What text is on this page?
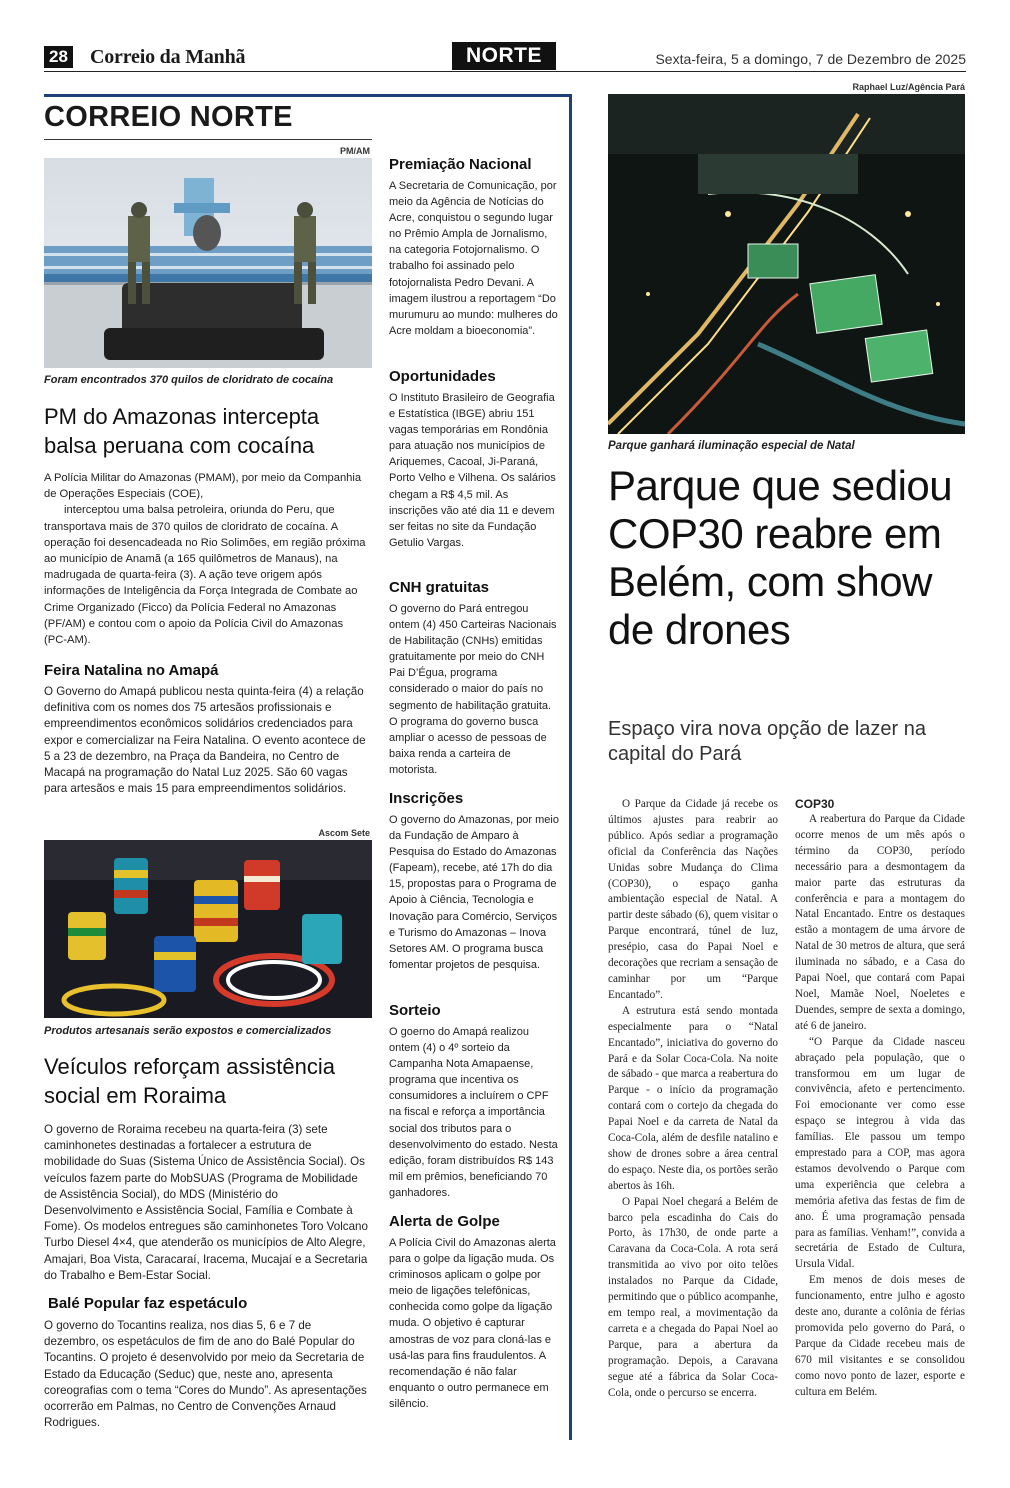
28 Correio da Manhã	NORTE	Sexta-feira, 5 a domingo, 7 de Dezembro de 2025
CORREIO NORTE
PM/AM
Foram encontrados 370 quilos de cloridrato de cocaína
PM do Amazonas intercepta
balsa peruana com cocaína

A Polícia Militar do Amazonas (PMAM), por meio da Companhia de Operações Especiais (COE),

interceptou uma balsa petroleira, oriunda do Peru, que transportava mais de 370 quilos de cloridrato de cocaína. A operação foi desencadeada no Rio Solimões, em região próxima ao município de Anamã (a 165 quilômetros de Manaus), na madrugada de quarta-feira (3). A ação teve origem após informações de Inteligência da Força Integrada de Combate ao Crime Organizado (Ficco) da Polícia Federal no Amazonas (PF/AM) e contou com o apoio da Polícia Civil do Amazonas (PC-AM).

Feira Natalina no Amapá
O Governo do Amapá publicou nesta quinta-feira (4) a relação definitiva com os nomes dos 75 artesãos profissionais e empreendimentos econômicos solidários credenciados para expor e comercializar na Feira Natalina. O evento acontece de 5 a 23 de dezembro, na Praça da Bandeira, no Centro de Macapá na programação do Natal Luz 2025. São 60 vagas para artesãos e mais 15 para empreendimentos solidários.
Ascom Sete
Produtos artesanais serão expostos e comercializados
Veículos reforçam assistência
social em Roraima
O governo de Roraima recebeu na quarta-feira (3) sete caminhonetes destinadas a fortalecer a estrutura de mobilidade do Suas (Sistema Único de Assistência Social). Os veículos fazem parte do MobSUAS (Programa de Mobilidade de Assistência Social), do MDS (Ministério do Desenvolvimento e Assistência Social, Família e Combate à Fome). Os modelos entregues são caminhonetes Toro Volcano Turbo Diesel 4×4, que atenderão os municípios de Alto Alegre, Amajari, Boa Vista, Caracaraí, Iracema, Mucajaí e a Secretaria do Trabalho e Bem-Estar Social.
Balé Popular faz espetáculo
O governo do Tocantins realiza, nos dias 5, 6 e 7 de dezembro, os espetáculos de fim de ano do Balé Popular do Tocantins. O projeto é desenvolvido por meio da Secretaria de Estado da Educação (Seduc) que, neste ano, apresenta coreografias com o tema “Cores do Mundo”. As apresentações ocorrerão em Palmas, no Centro de Convenções Arnaud Rodrigues.
Premiação Nacional
A Secretaria de Comunicação, por meio da Agência de Notícias do Acre, conquistou o segundo lugar no Prêmio Ampla de Jornalismo, na categoria Fotojornalismo. O trabalho foi assinado pelo fotojornalista Pedro Devani. A imagem ilustrou a reportagem “Do murumuru ao mundo: mulheres do Acre moldam a bioeconomia”.
Oportunidades
O Instituto Brasileiro de Geografia e Estatística (IBGE) abriu 151 vagas temporárias em Rondônia para atuação nos municípios de Ariquemes, Cacoal, Ji-Paraná, Porto Velho e Vilhena. Os salários chegam a R$ 4,5 mil. As inscrições vão até dia 11 e devem ser feitas no site da Fundação Getulio Vargas.
CNH gratuitas
O governo do Pará entregou ontem (4) 450 Carteiras Nacionais de Habilitação (CNHs) emitidas gratuitamente por meio do CNH Pai D’Égua, programa considerado o maior do país no segmento de habilitação gratuita. O programa do governo busca ampliar o acesso de pessoas de baixa renda a carteira de motorista.
Inscrições
O governo do Amazonas, por meio da Fundação de Amparo à Pesquisa do Estado do Amazonas (Fapeam), recebe, até 17h do dia 15, propostas para o Programa de Apoio à Ciência, Tecnologia e Inovação para Comércio, Serviços e Turismo do Amazonas – Inova Setores AM. O programa busca fomentar projetos de pesquisa.
Sorteio
O goerno do Amapá realizou ontem (4) o 4º sorteio da Campanha Nota Amapaense, programa que incentiva os consumidores a incluírem o CPF na fiscal e reforça a importância social dos tributos para o desenvolvimento do estado. Nesta edição, foram distribuídos R$ 143 mil em prêmios, beneficiando 70 ganhadores.
Alerta de Golpe
A Polícia Civil do Amazonas alerta para o golpe da ligação muda. Os criminosos aplicam o golpe por meio de ligações telefônicas, conhecida como golpe da ligação muda. O objetivo é capturar amostras de voz para cloná-las e usá-las para fins fraudulentos. A recomendação é não falar enquanto o outro permanece em silêncio.
Raphael Luz/Agência Pará
Parque ganhará iluminação especial de Natal
Parque que sediou COP30 reabre em Belém, com show de drones
Espaço vira nova opção de lazer na capital do Pará

O Parque da Cidade já recebe os últimos ajustes para reabrir ao público. Após sediar a programação oficial da Conferência das Nações Unidas sobre Mudança do Clima (COP30), o espaço ganha ambientação especial de Natal. A partir deste sábado (6), quem visitar o Parque encontrará, túnel de luz, presépio, casa do Papai Noel e decorações que recriam a sensação de caminhar por um “Parque Encantado”.

A estrutura está sendo montada especialmente para o “Natal Encantado”, iniciativa do governo do Pará e da Solar Coca-Cola. Na noite de sábado - que marca a reabertura do Parque - o início da programação contará com o cortejo da chegada do Papai Noel e da carreta de Natal da Coca-Cola, além de desfile natalino e show de drones sobre a área central do espaço. Neste dia, os portões serão abertos às 16h.

O Papai Noel chegará a Belém de barco pela escadinha do Cais do Porto, às 17h30, de onde parte a Caravana da Coca-Cola. A rota será transmitida ao vivo por oito telões instalados no Parque da Cidade, permitindo que o público acompanhe, em tempo real, a movimentação da carreta e a chegada do Papai Noel ao Parque, para a abertura da programação. Depois, a Caravana segue até a fábrica da Solar Coca-Cola, onde o percurso se encerra.

COP30

A reabertura do Parque da Cidade ocorre menos de um mês após o término da COP30, período necessário para a desmontagem da maior parte das estruturas da conferência e para a montagem do Natal Encantado. Entre os destaques estão a montagem de uma árvore de Natal de 30 metros de altura, que será iluminada no sábado, e a Casa do Papai Noel, que contará com Papai Noel, Mamãe Noel, Noeletes e Duendes, sempre de sexta a domingo, até 6 de janeiro.

“O Parque da Cidade nasceu abraçado pela população, que o transformou em um lugar de convivência, afeto e pertencimento. Foi emocionante ver como esse espaço se integrou à vida das famílias. Ele passou um tempo emprestado para a COP, mas agora estamos devolvendo o Parque com uma experiência que celebra a memória afetiva das festas de fim de ano. É uma programação pensada para as famílias. Venham!”, convida a secretária de Estado de Cultura, Ursula Vidal.

Em menos de dois meses de funcionamento, entre julho e agosto deste ano, durante a colônia de férias promovida pelo governo do Pará, o Parque da Cidade recebeu mais de 670 mil visitantes e se consolidou como novo ponto de lazer, esporte e cultura em Belém.
